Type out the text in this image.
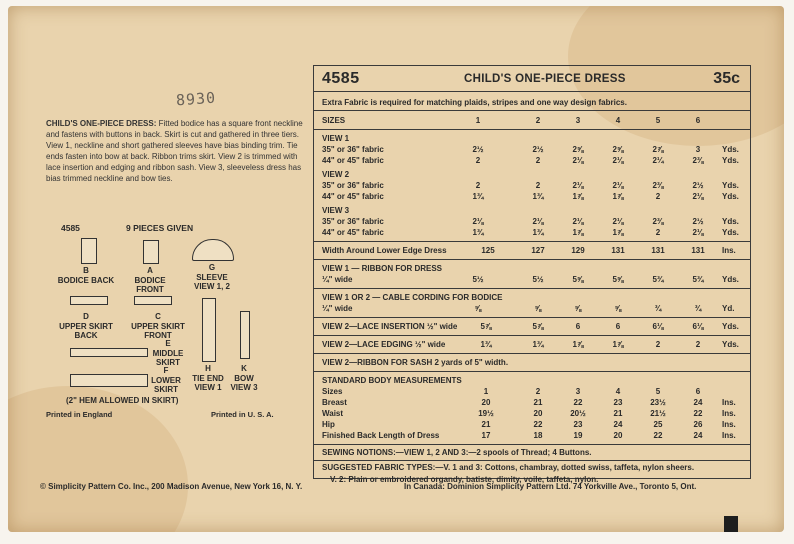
8930
CHILD'S ONE-PIECE DRESS: Fitted bodice has a square front neckline and fastens with buttons in back. Skirt is cut and gathered in three tiers. View 1, neckline and short gathered sleeves have bias binding trim. Tie ends fasten into bow at back. Ribbon trims skirt. View 2 is trimmed with lace insertion and edging and ribbon sash. View 3, sleeveless dress has bias trimmed neckline and bow ties.
4585	9 PIECES GIVEN
B
BODICE BACK
A
BODICE FRONT
G
SLEEVE
VIEW 1, 2
D
UPPER SKIRT BACK
C
UPPER SKIRT FRONT
E
MIDDLE SKIRT
F
LOWER SKIRT
H
TIE END
VIEW 1
K
BOW
VIEW 3
(2" HEM ALLOWED IN SKIRT)
Printed in England	Printed in U. S. A.
4585	CHILD'S ONE-PIECE DRESS	35c
Extra Fabric is required for matching plaids, stripes and one way design fabrics.
SIZES	1	2	3	4	5	6
VIEW 1
35" or 36" fabric	2½	2½	2⅝	2⅝	2⅞	3	Yds.
44" or 45" fabric	2	2	2⅛	2⅛	2¼	2⅜	Yds.
VIEW 2
35" or 36" fabric	2	2	2⅛	2⅛	2⅜	2½	Yds.
44" or 45" fabric	1¾	1¾	1⅞	1⅞	2	2⅛	Yds.
VIEW 3
35" or 36" fabric	2⅛	2⅛	2⅛	2⅛	2⅜	2½	Yds.
44" or 45" fabric	1¾	1¾	1⅞	1⅞	2	2⅛	Yds.
Width Around Lower Edge Dress	125	127	129	131	131	131	Ins.
VIEW 1 — RIBBON FOR DRESS
¼" wide	5½	5½	5⅝	5⅝	5¾	5¾	Yds.
VIEW 1 OR 2 — CABLE CORDING FOR BODICE
¼" wide	⅝	⅝	⅝	⅝	¾	¾	Yd.
VIEW 2—LACE INSERTION ½" wide	5⅞	5⅞	6	6	6⅛	6⅛	Yds.
VIEW 2—LACE EDGING ½" wide	1¾	1¾	1⅞	1⅞	2	2	Yds.
VIEW 2—RIBBON FOR SASH 2 yards of 5" width.
STANDARD BODY MEASUREMENTS
Sizes	1	2	3	4	5	6
Breast	20	21	22	23	23½	24	Ins.
Waist	19½	20	20½	21	21½	22	Ins.
Hip	21	22	23	24	25	26	Ins.
Finished Back Length of Dress	17	18	19	20	22	24	Ins.
SEWING NOTIONS:—VIEW 1, 2 AND 3:—2 spools of Thread; 4 Buttons.
SUGGESTED FABRIC TYPES:—V. 1 and 3: Cottons, chambray, dotted swiss, taffeta, nylon sheers.
V. 2: Plain or embroidered organdy, batiste, dimity, voile, taffeta, nylon.
© Simplicity Pattern Co. Inc., 200 Madison Avenue, New York 16, N. Y.	In Canada: Dominion Simplicity Pattern Ltd. 74 Yorkville Ave., Toronto 5, Ont.
